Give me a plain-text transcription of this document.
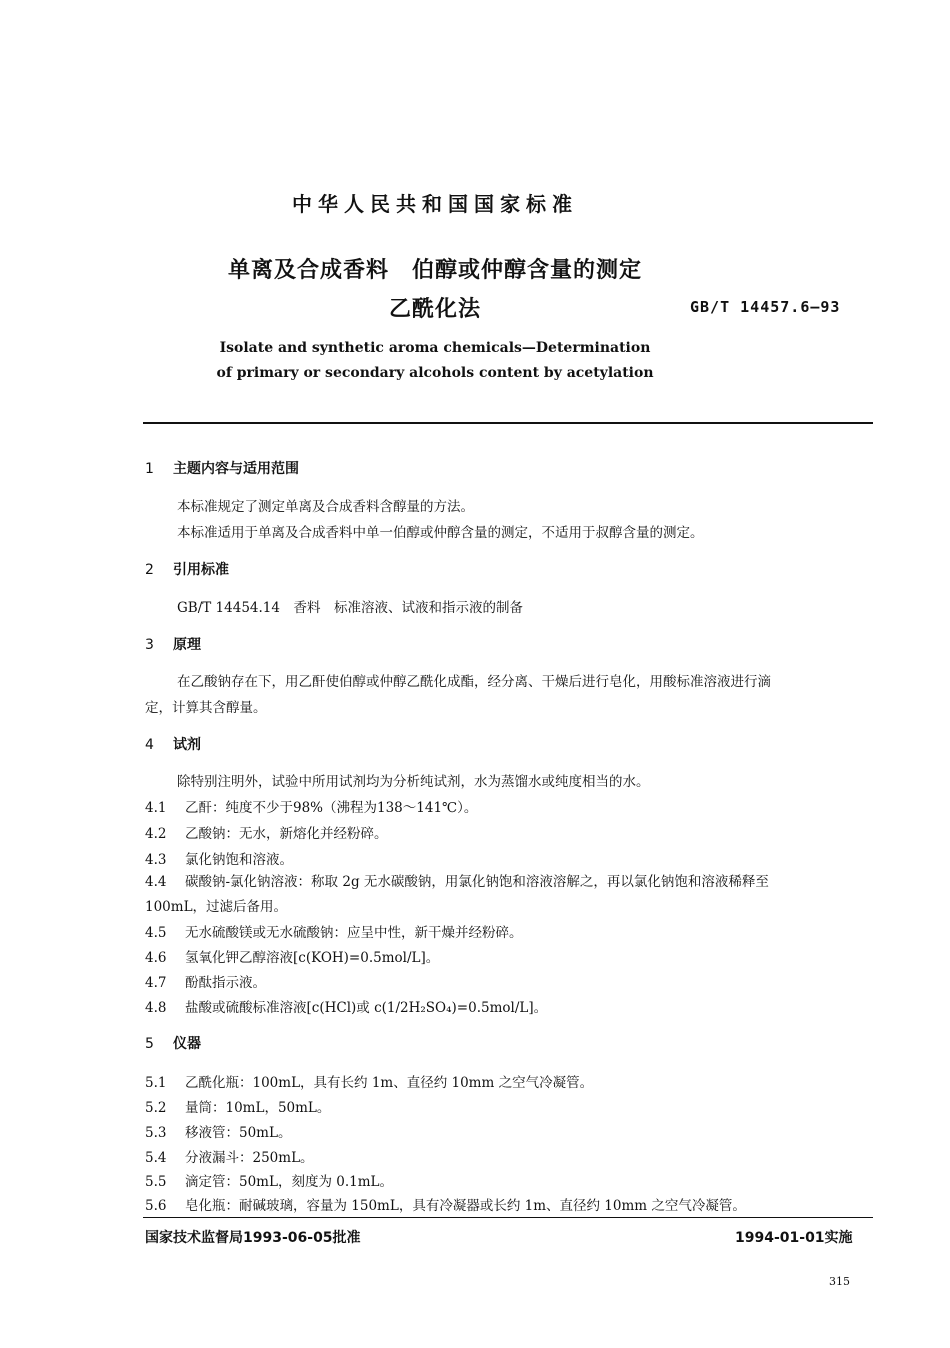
中华人民共和国国家标准
单离及合成香料　伯醇或仲醇含量的测定
乙酰化法	GB/T 14457.6—93
Isolate and synthetic aroma chemicals—Determination
of primary or secondary alcohols content by acetylation
1 主题内容与适用范围
本标准规定了测定单离及合成香料含醇量的方法。
本标准适用于单离及合成香料中单一伯醇或仲醇含量的测定，不适用于叔醇含量的测定。
2 引用标准
GB/T 14454.14　香料　标准溶液、试液和指示液的制备
3 原理
在乙酸钠存在下，用乙酐使伯醇或仲醇乙酰化成酯，经分离、干燥后进行皂化，用酸标准溶液进行滴
定，计算其含醇量。
4 试剂
除特别注明外，试验中所用试剂均为分析纯试剂，水为蒸馏水或纯度相当的水。
4.1 乙酐：纯度不少于98%（沸程为138～141℃）。
4.2 乙酸钠：无水，新熔化并经粉碎。
4.3 氯化钠饱和溶液。
4.4 碳酸钠-氯化钠溶液：称取 2g 无水碳酸钠，用氯化钠饱和溶液溶解之，再以氯化钠饱和溶液稀释至
100mL，过滤后备用。
4.5 无水硫酸镁或无水硫酸钠：应呈中性，新干燥并经粉碎。
4.6 氢氧化钾乙醇溶液[c(KOH)=0.5mol/L]。
4.7 酚酞指示液。
4.8 盐酸或硫酸标准溶液[c(HCl)或 c(1/2H₂SO₄)=0.5mol/L]。
5 仪器
5.1 乙酰化瓶：100mL，具有长约 1m、直径约 10mm 之空气冷凝管。
5.2 量筒：10mL，50mL。
5.3 移液管：50mL。
5.4 分液漏斗：250mL。
5.5 滴定管：50mL，刻度为 0.1mL。
5.6 皂化瓶：耐碱玻璃，容量为 150mL，具有冷凝器或长约 1m、直径约 10mm 之空气冷凝管。
国家技术监督局1993-06-05批准	1994-01-01实施
315
